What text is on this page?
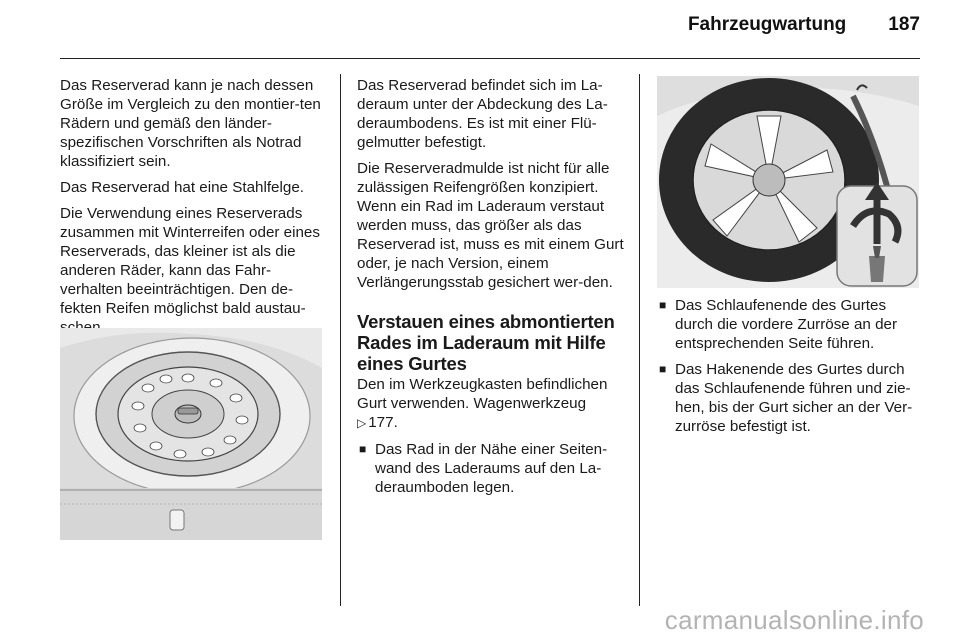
Fahrzeugwartung 187

Das Reserverad kann je nach dessen Größe im Vergleich zu den montier-ten Rädern und gemäß den länder-spezifischen Vorschriften als Notrad klassifiziert sein.

Das Reserverad hat eine Stahlfelge.

Die Verwendung eines Reserverads zusammen mit Winterreifen oder eines Reserverads, das kleiner ist als die anderen Räder, kann das Fahr-verhalten beeinträchtigen. Den de-fekten Reifen möglichst bald austau-

Das Reserverad befindet sich im La-deraum unter der Abdeckung des La-deraumbodens. Es ist mit einer Flü-gelmutter befestigt.

Die Reserveradmulde ist nicht für alle zulässigen Reifengrößen konzipiert. Wenn ein Rad im Laderaum verstaut werden muss, das größer als das Reserverad ist, muss es mit einem Gurt oder, je nach Version, einem Verlängerungsstab gesichert wer-den.

Verstauen eines abmontierten Rades im Laderaum mit Hilfe eines Gurtes

Den im Werkzeugkasten befindlichen Gurt verwenden. Wagenwerkzeug
▷ 177.

■ Das Rad in der Nähe einer Seiten-wand des Laderaums auf den La-deraumboden legen.
■ Das Schlaufenende des Gurtes durch die vordere Zurröse an der entsprechenden Seite führen.
■ Das Hakenende des Gurtes durch das Schlaufenende führen und zie-hen, bis der Gurt sicher an der Ver-zurröse befestigt ist.
carmanualsonline.info
